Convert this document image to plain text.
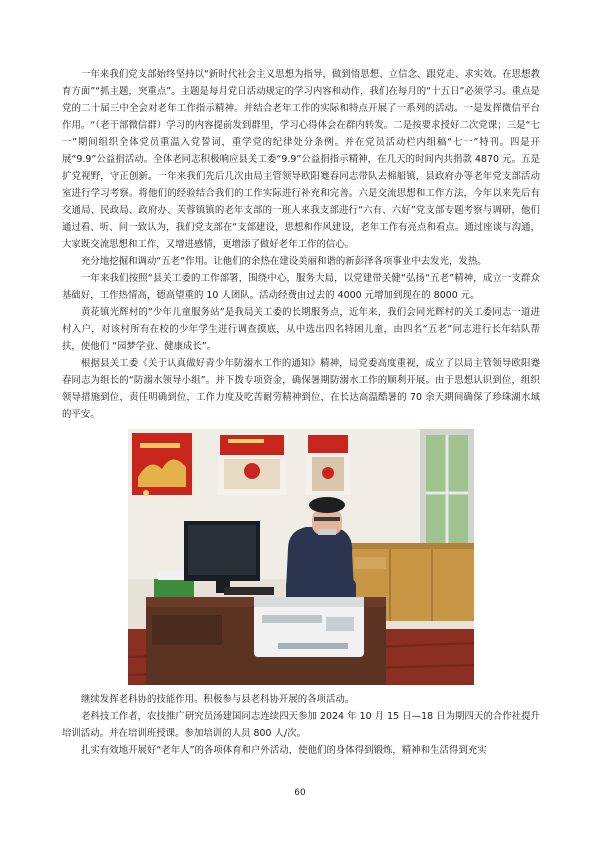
一年来我们党支部始终坚持以“新时代社会主义思想为指导，做到悟思想、立信念、跟党走、求实效。在思想教育方面”“抓主题，突重点”。主题是每月党日活动规定的学习内容和动作，我们在每月的“十五日”必须学习。重点是党的二十届三中全会对老年工作指示精神。并结合老年工作的实际和特点开展了一系列的活动。一是发挥微信平台作用。“（老干部微信群）学习的内容提前发到群里，学习心得体会在群内转发。二是按要求授好二次党课；三是“七一”期间组织全体党员重温入党誓词，重学党的纪律处分条例。并在党员活动栏内组稿“七一”特刊。四是开展“9.9”公益捐活动。全体老同志积极响应县关工委“9.9”公益捐指示精神，在几天的时间内共捐款 4870 元。五是扩党视野，守正创新。一年来我们先后几次由局主管领导欧阳蹇春同志带队去棉船镇，县政府办等老年党支部活动室进行学习考察。将他们的经验结合我们的工作实际进行补充和完善。六是交流思想和工作方法，今年以来先后有交通局、民政局、政府办、芙蓉镇镇的老年支部的一班人来我支部进行“六有、六好”党支部专题考察与调研，他们通过看、听、问一致认为，我们党支部在“支部建设，思想和作风建设，老年工作有亮点和看点。通过座谈与沟通，大家既交流思想和工作，又增进感情，更增添了做好老年工作的信心。

充分地挖掘和调动“五老”作用。让他们的余热在建设美丽和谐的新彭泽各项事业中去发光，发热。

一年来我们按照“县关工委的工作部署，围绕中心，服务大局，以党建带关健“弘扬“五老”精神，成立一支群众基础好，工作热情高，德高望重的 10 人团队。活动经费由过去的 4000 元增加到现在的 8000 元。

黄花镇光辉村的“少年儿童服务站”是我局关工委的长期服务点，近年来，我们会同光辉村的关工委同志一道进村入户，对该村所有在校的少年学生进行调查摸底，从中选出四名特困儿童，由四名“五老”同志进行长年结队帮扶，使他们 “园梦学业、健康成长”。

根据县关工委《关于认真做好青少年防溺水工作的通知》精神，局党委高度重视，成立了以局主管领导欧阳蹇春同志为组长的“防溺水领导小组”。并下拨专项资金，确保暑期防溺水工作的顺利开展。由于思想认识到位，组织领导措施到位，责任明确到位，工作力度及吃苦耐劳精神到位，在长达高温酷暑的 70 余天期间确保了珍珠湖水域的平安。

继续发挥老科协的技能作用。积极参与县老科协开展的各项活动。

老科技工作者，农技推广研究员汤建国同志连续四天参加 2024 年 10 月 15 日—18 日为期四天的合作社提升培训活动。并在培训班授课。参加培训的人员 800 人/次。

扎实有效地开展好“老年人”的各项体育和户外活动，使他们的身体得到锻炼，精神和生活得到充实

60
